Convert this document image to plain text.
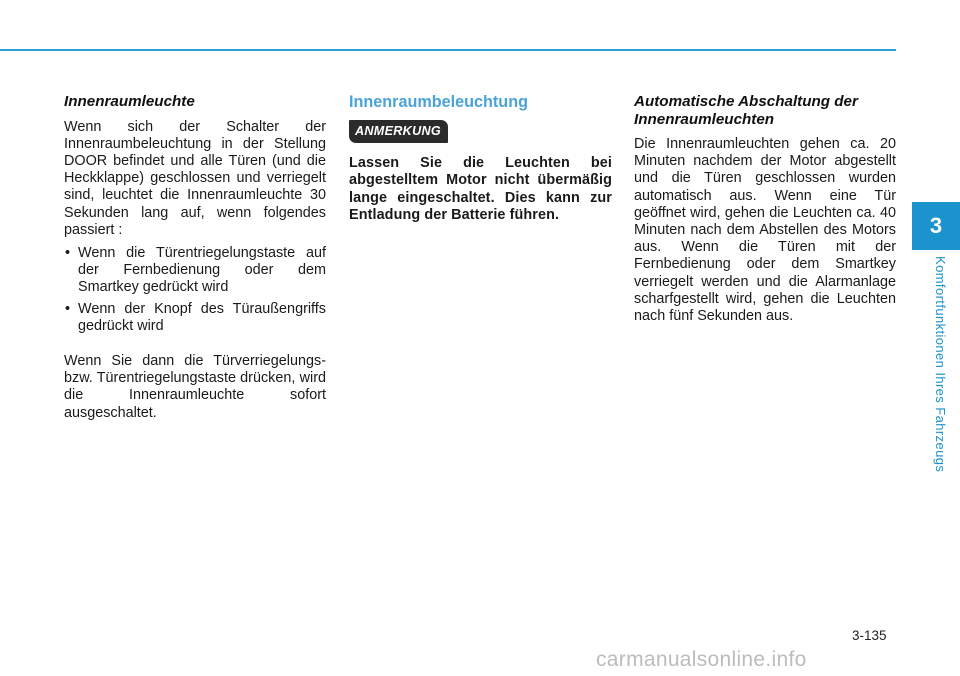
3
Komfortfunktionen Ihres Fahrzeugs
Innenraumleuchte

Wenn sich der Schalter der Innenraumbeleuchtung in der Stellung DOOR befindet und alle Türen (und die Heckklappe) geschlossen und verriegelt sind, leuchtet die Innenraumleuchte 30 Sekunden lang auf, wenn folgendes passiert :

• Wenn die Türentriegelungstaste auf der Fernbedienung oder dem Smartkey gedrückt wird
• Wenn der Knopf des Türaußengriffs gedrückt wird

Wenn Sie dann die Türverriegelungs- bzw. Türentriegelungstaste drücken, wird die Innenraumleuchte sofort ausgeschaltet.

Innenraumbeleuchtung
ANMERKUNG

Lassen Sie die Leuchten bei abgestelltem Motor nicht übermäßig lange eingeschaltet. Dies kann zur Entladung der Batterie führen.

Automatische Abschaltung der Innenraumleuchten

Die Innenraumleuchten gehen ca. 20 Minuten nachdem der Motor abgestellt und die Türen geschlossen wurden automatisch aus. Wenn eine Tür geöffnet wird, gehen die Leuchten ca. 40 Minuten nach dem Abstellen des Motors aus. Wenn die Türen mit der Fernbedienung oder dem Smartkey verriegelt werden und die Alarmanlage scharfgestellt wird, gehen die Leuchten nach fünf Sekunden aus.

3-135
carmanualsonline.info
